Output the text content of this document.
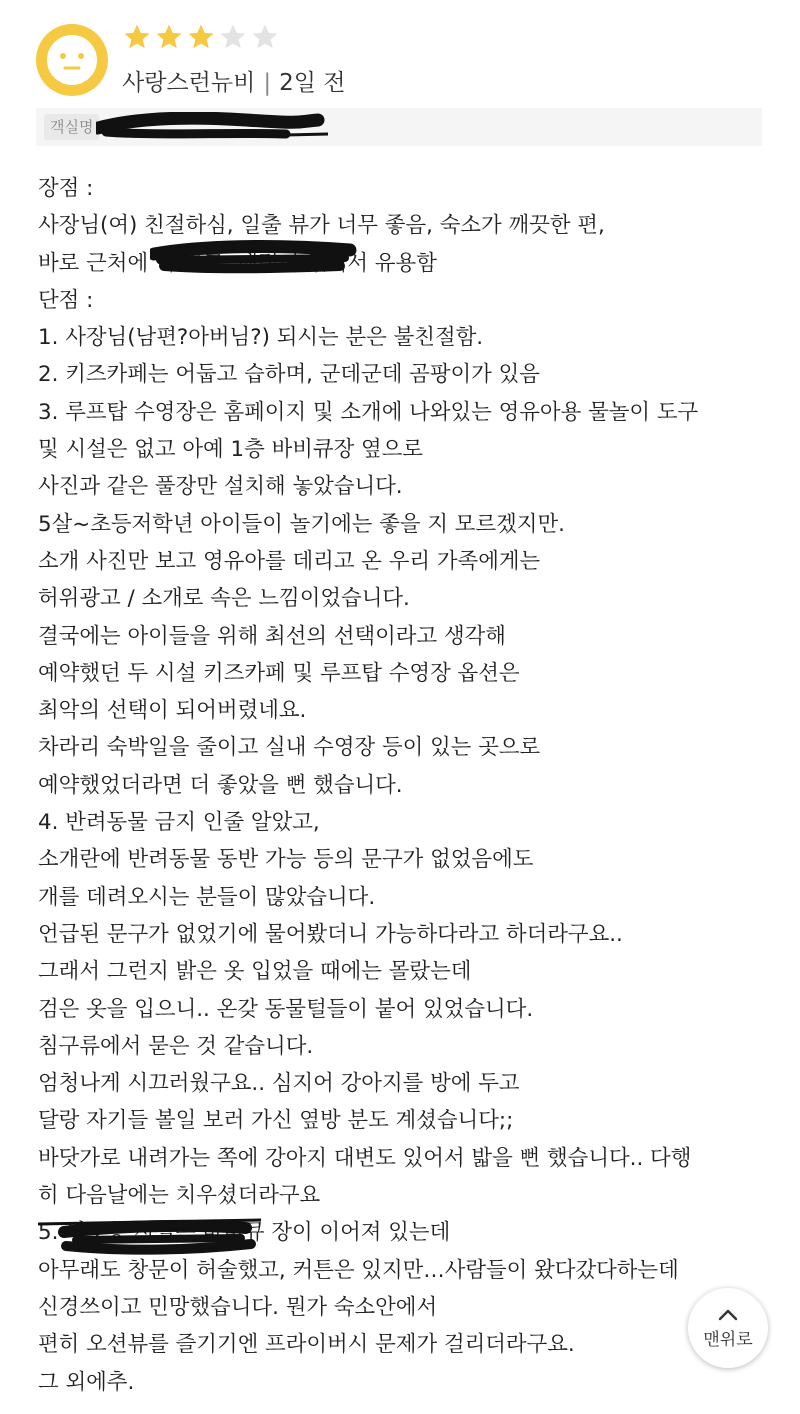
사랑스런뉴비 | 2일 전
객실명
장점 :
사장님(여) 친절하심, 일출 뷰가 너무 좋음, 숙소가 깨끗한 편,
바로 근처에 이 있고, 매점이 있어서 유용함
단점 :
1. 사장님(남편?아버님?) 되시는 분은 불친절함.
2. 키즈카페는 어둡고 습하며, 군데군데 곰팡이가 있음
3. 루프탑 수영장은 홈페이지 및 소개에 나와있는 영유아용 물놀이 도구
및 시설은 없고 아예 1층 바비큐장 옆으로
사진과 같은 풀장만 설치해 놓았습니다.
5살~초등저학년 아이들이 놀기에는 좋을 지 모르겠지만.
소개 사진만 보고 영유아를 데리고 온 우리 가족에게는
허위광고 / 소개로 속은 느낌이었습니다.
결국에는 아이들을 위해 최선의 선택이라고 생각해
예약했던 두 시설 키즈카페 및 루프탑 수영장 옵션은
최악의 선택이 되어버렸네요.
차라리 숙박일을 줄이고 실내 수영장 등이 있는 곳으로
예약했었더라면 더 좋았을 뻔 했습니다.
4. 반려동물 금지 인줄 알았고,
소개란에 반려동물 동반 가능 등의 문구가 없었음에도
개를 데려오시는 분들이 많았습니다.
언급된 문구가 없었기에 물어봤더니 가능하다라고 하더라구요..
그래서 그런지 밝은 옷 입었을 때에는 몰랐는데
검은 옷을 입으니.. 온갖 동물털들이 붙어 있었습니다.
침구류에서 묻은 것 같습니다.
엄청나게 시끄러웠구요.. 심지어 강아지를 방에 두고
달랑 자기들 볼일 보러 가신 옆방 분도 계셨습니다;;
바닷가로 내려가는 쪽에 강아지 대변도 있어서 밟을 뻔 했습니다.. 다행
히 다음날에는 치우셨더라구요
5. 의 2층 시설은 바비큐 장이 이어져 있는데
아무래도 창문이 허술했고, 커튼은 있지만…사람들이 왔다갔다하는데
신경쓰이고 민망했습니다. 뭔가 숙소안에서
편히 오션뷰를 즐기기엔 프라이버시 문제가 걸리더라구요.
그 외에추.
맨위로
